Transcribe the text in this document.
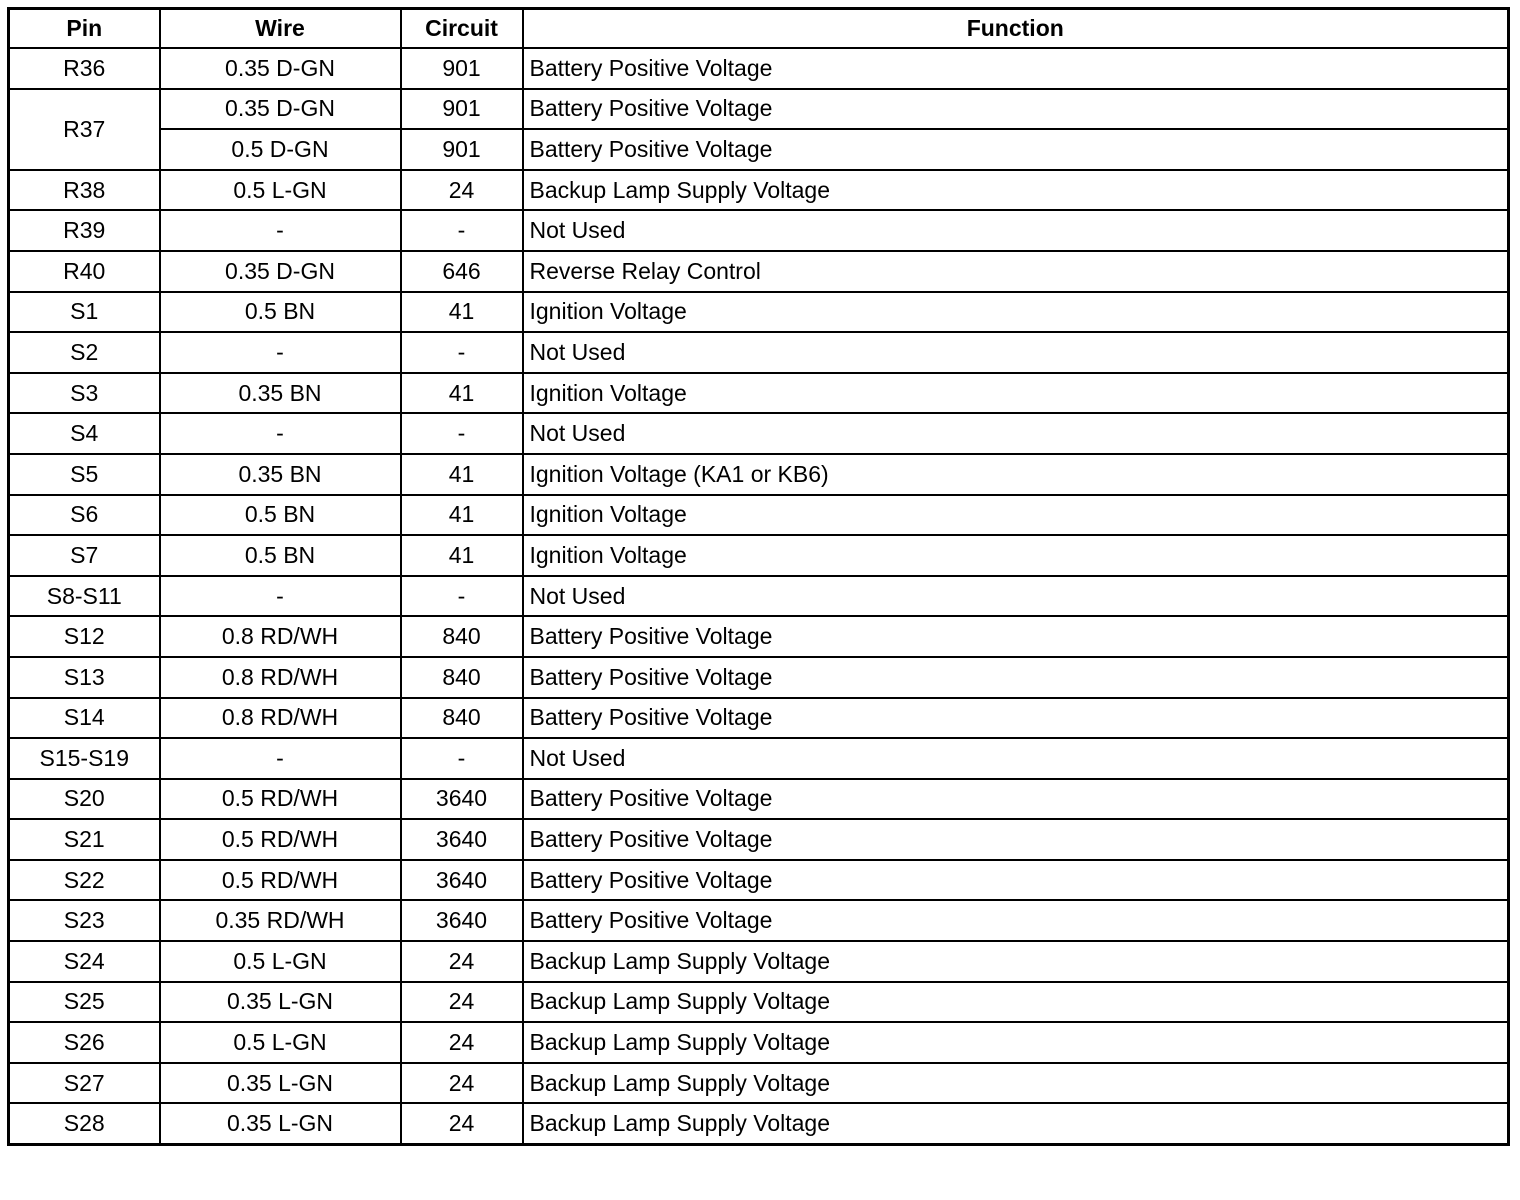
Pin	Wire	Circuit	Function
R36	0.35 D-GN	901	Battery Positive Voltage
R37	0.35 D-GN	901	Battery Positive Voltage
	0.5 D-GN	901	Battery Positive Voltage
R38	0.5 L-GN	24	Backup Lamp Supply Voltage
R39	-	-	Not Used
R40	0.35 D-GN	646	Reverse Relay Control
S1	0.5 BN	41	Ignition Voltage
S2	-	-	Not Used
S3	0.35 BN	41	Ignition Voltage
S4	-	-	Not Used
S5	0.35 BN	41	Ignition Voltage (KA1 or KB6)
S6	0.5 BN	41	Ignition Voltage
S7	0.5 BN	41	Ignition Voltage
S8-S11	-	-	Not Used
S12	0.8 RD/WH	840	Battery Positive Voltage
S13	0.8 RD/WH	840	Battery Positive Voltage
S14	0.8 RD/WH	840	Battery Positive Voltage
S15-S19	-	-	Not Used
S20	0.5 RD/WH	3640	Battery Positive Voltage
S21	0.5 RD/WH	3640	Battery Positive Voltage
S22	0.5 RD/WH	3640	Battery Positive Voltage
S23	0.35 RD/WH	3640	Battery Positive Voltage
S24	0.5 L-GN	24	Backup Lamp Supply Voltage
S25	0.35 L-GN	24	Backup Lamp Supply Voltage
S26	0.5 L-GN	24	Backup Lamp Supply Voltage
S27	0.35 L-GN	24	Backup Lamp Supply Voltage
S28	0.35 L-GN	24	Backup Lamp Supply Voltage
